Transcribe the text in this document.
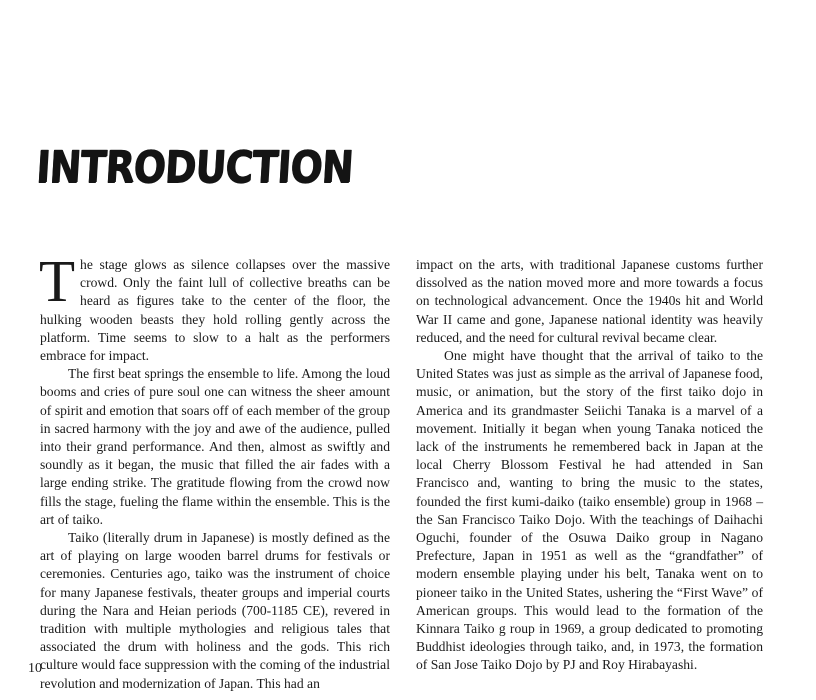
INTRODUCTION

The stage glows as silence collapses over the massive crowd. Only the faint lull of collective breaths can be heard as figures take to the center of the floor, the hulking wooden beasts they hold rolling gently across the platform. Time seems to slow to a halt as the performers embrace for impact.

The first beat springs the ensemble to life. Among the loud booms and cries of pure soul one can witness the sheer amount of spirit and emotion that soars off of each member of the group in sacred harmony with the joy and awe of the audience, pulled into their grand performance. And then, almost as swiftly and soundly as it began, the music that filled the air fades with a large ending strike. The gratitude flowing from the crowd now fills the stage, fueling the flame within the ensemble. This is the art of taiko.

Taiko (literally drum in Japanese) is mostly defined as the art of playing on large wooden barrel drums for festivals or ceremonies. Centuries ago, taiko was the instrument of choice for many Japanese festivals, theater groups and imperial courts during the Nara and Heian periods (700-1185 CE), revered in tradition with multiple mythologies and religious tales that associated the drum with holiness and the gods. This rich culture would face suppression with the coming of the industrial revolution and modernization of Japan. This had an

impact on the arts, with traditional Japanese customs further dissolved as the nation moved more and more towards a focus on technological advancement. Once the 1940s hit and World War II came and gone, Japanese national identity was heavily reduced, and the need for cultural revival became clear.

One might have thought that the arrival of taiko to the United States was just as simple as the arrival of Japanese food, music, or animation, but the story of the first taiko dojo in America and its grandmaster Seiichi Tanaka is a marvel of a movement. Initially it began when young Tanaka noticed the lack of the instruments he remembered back in Japan at the local Cherry Blossom Festival he had attended in San Francisco and, wanting to bring the music to the states, founded the first kumi-daiko (taiko ensemble) group in 1968 – the San Francisco Taiko Dojo. With the teachings of Daihachi Oguchi, founder of the Osuwa Daiko group in Nagano Prefecture, Japan in 1951 as well as the “grandfather” of modern ensemble playing under his belt, Tanaka went on to pioneer taiko in the United States, ushering the “First Wave” of American groups. This would lead to the formation of the Kinnara Taiko g roup in 1969, a group dedicated to promoting Buddhist ideologies through taiko, and, in 1973, the formation of San Jose Taiko Dojo by PJ and Roy Hirabayashi.

10
